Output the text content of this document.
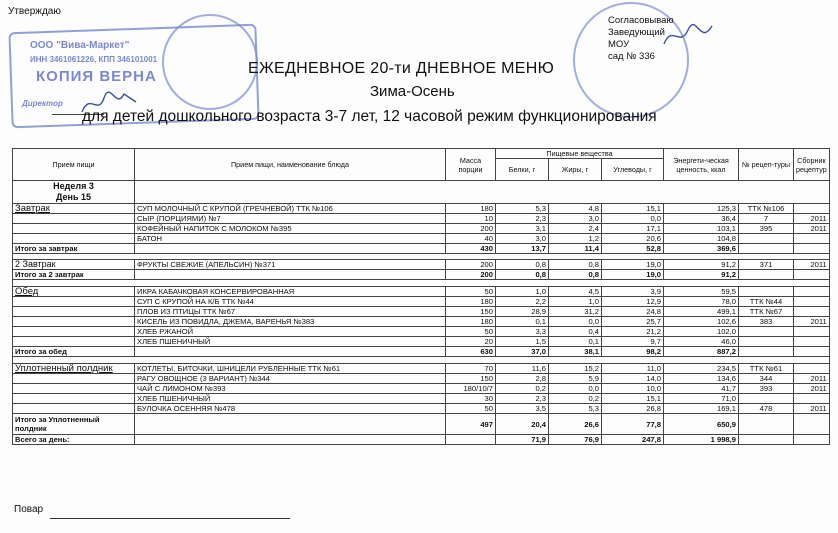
ООО "Вива-Маркет"
ИНН 3461061226, КПП 346101001
КОПИЯ ВЕРНА
Директор
Утверждаю
Согласовываю
Заведующий
МОУ
сад № 336
ЕЖЕДНЕВНОЕ 20-ти ДНЕВНОЕ МЕНЮ
Зима-Осень
для детей дошкольного возраста 3-7 лет, 12 часовой режим функционирования
Прием пищи	Прием пищи, наименование блюда	Масса порции	Пищевые вещества			Энергети-ческая ценность, ккал	№ рецеп-туры	Сборник рецептур
			Белки, г	Жиры, г	Углеводы, г			

Неделя 3
День 15								

Завтрак	СУП МОЛОЧНЫЙ С КРУПОЙ (ГРЕЧНЕВОЙ) ТТК №106	180	5,3	4,8	15,1	125,3	ТТК №106	
	СЫР (ПОРЦИЯМИ) №7	10	2,3	3,0	0,0	36,4	7	2011
	КОФЕЙНЫЙ НАПИТОК С МОЛОКОМ №395	200	3,1	2,4	17,1	103,1	395	2011
	БАТОН	40	3,0	1,2	20,6	104,8		
Итого за завтрак		430	13,7	11,4	52,8	369,6		

2 Завтрак	ФРУКТЫ СВЕЖИЕ (АПЕЛЬСИН) №371	200	0,8	0,8	19,0	91,2	371	2011
Итого за 2 завтрак		200	0,8	0,8	19,0	91,2		

Обед	ИКРА КАБАЧКОВАЯ КОНСЕРВИРОВАННАЯ	50	1,0	4,5	3,9	59,5		
	СУП С КРУПОЙ НА К/Б ТТК №44	180	2,2	1,0	12,9	78,0	ТТК №44	
	ПЛОВ ИЗ ПТИЦЫ ТТК №67	150	28,9	31,2	24,8	499,1	ТТК №67	
	КИСЕЛЬ ИЗ ПОВИДЛА, ДЖЕМА, ВАРЕНЬЯ №383	180	0,1	0,0	25,7	102,6	383	2011
	ХЛЕБ РЖАНОЙ	50	3,3	0,4	21,2	102,0		
	ХЛЕБ ПШЕНИЧНЫЙ	20	1,5	0,1	9,7	46,0		
Итого за обед		630	37,0	38,1	98,2	887,2		

Уплотненный полдник	КОТЛЕТЫ, БИТОЧКИ, ШНИЦЕЛИ РУБЛЕННЫЕ ТТК №61	70	11,6	15,2	11,0	234,5	ТТК №61	
	РАГУ ОВОЩНОЕ (3 ВАРИАНТ) №344	150	2,8	5,9	14,0	134,6	344	2011
	ЧАЙ С ЛИМОНОМ №393	180/10/7	0,2	0,0	10,0	41,7	393	2011
	ХЛЕБ ПШЕНИЧНЫЙ	30	2,3	0,2	15,1	71,0		
	БУЛОЧКА ОСЕННЯЯ №478	50	3,5	5,3	26,8	169,1	478	2011
Итого за Уплотненный полдник		497	20,4	26,6	77,8	650,9		
Всего за день:			71,9	76,9	247,8	1 998,9		
Повар
